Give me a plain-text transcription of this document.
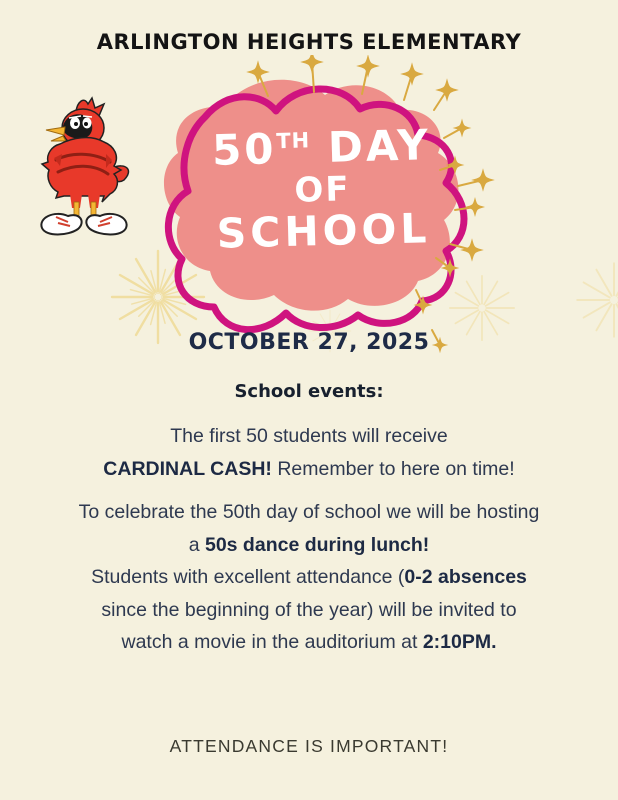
ARLINGTON HEIGHTS ELEMENTARY
50TH DAY
OF
SCHOOL
OCTOBER 27, 2025
School events:
The first 50 students will receive
CARDINAL CASH! Remember to here on time!
To celebrate the 50th day of school we will be hosting
a 50s dance during lunch!
Students with excellent attendance (0-2 absences
since the beginning of the year) will be invited to
watch a movie in the auditorium at 2:10PM.
ATTENDANCE IS IMPORTANT!
